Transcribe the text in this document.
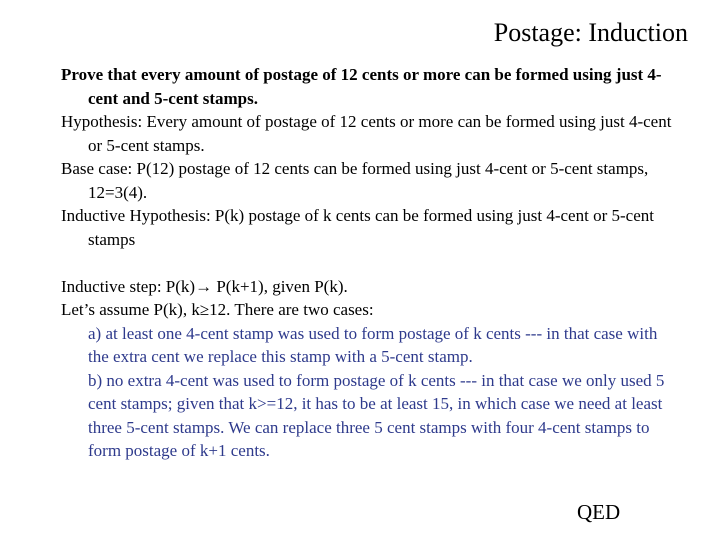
Postage: Induction

Prove that every amount of postage of 12 cents or more can be formed using just 4-cent and 5-cent stamps.

Hypothesis: Every amount of postage of 12 cents or more can be formed using just 4-cent or 5-cent stamps.

Base case: P(12) postage of 12 cents can be formed using just 4-cent or 5-cent stamps, 12=3(4).

Inductive Hypothesis: P(k) postage of k cents can be formed using just 4-cent or 5-cent stamps

Inductive step: P(k)→ P(k+1), given P(k).

Let’s assume P(k), k≥12. There are two cases:

a) at least one 4-cent stamp was used to form postage of k cents --- in that case with the extra cent we replace this stamp with a 5-cent stamp.

b) no extra 4-cent was used to form postage of k cents --- in that case we only used 5 cent stamps; given that k>=12, it has to be at least 15, in which case we need at least three 5-cent stamps. We can replace three 5 cent stamps with four 4-cent stamps to form postage of k+1 cents.

QED
